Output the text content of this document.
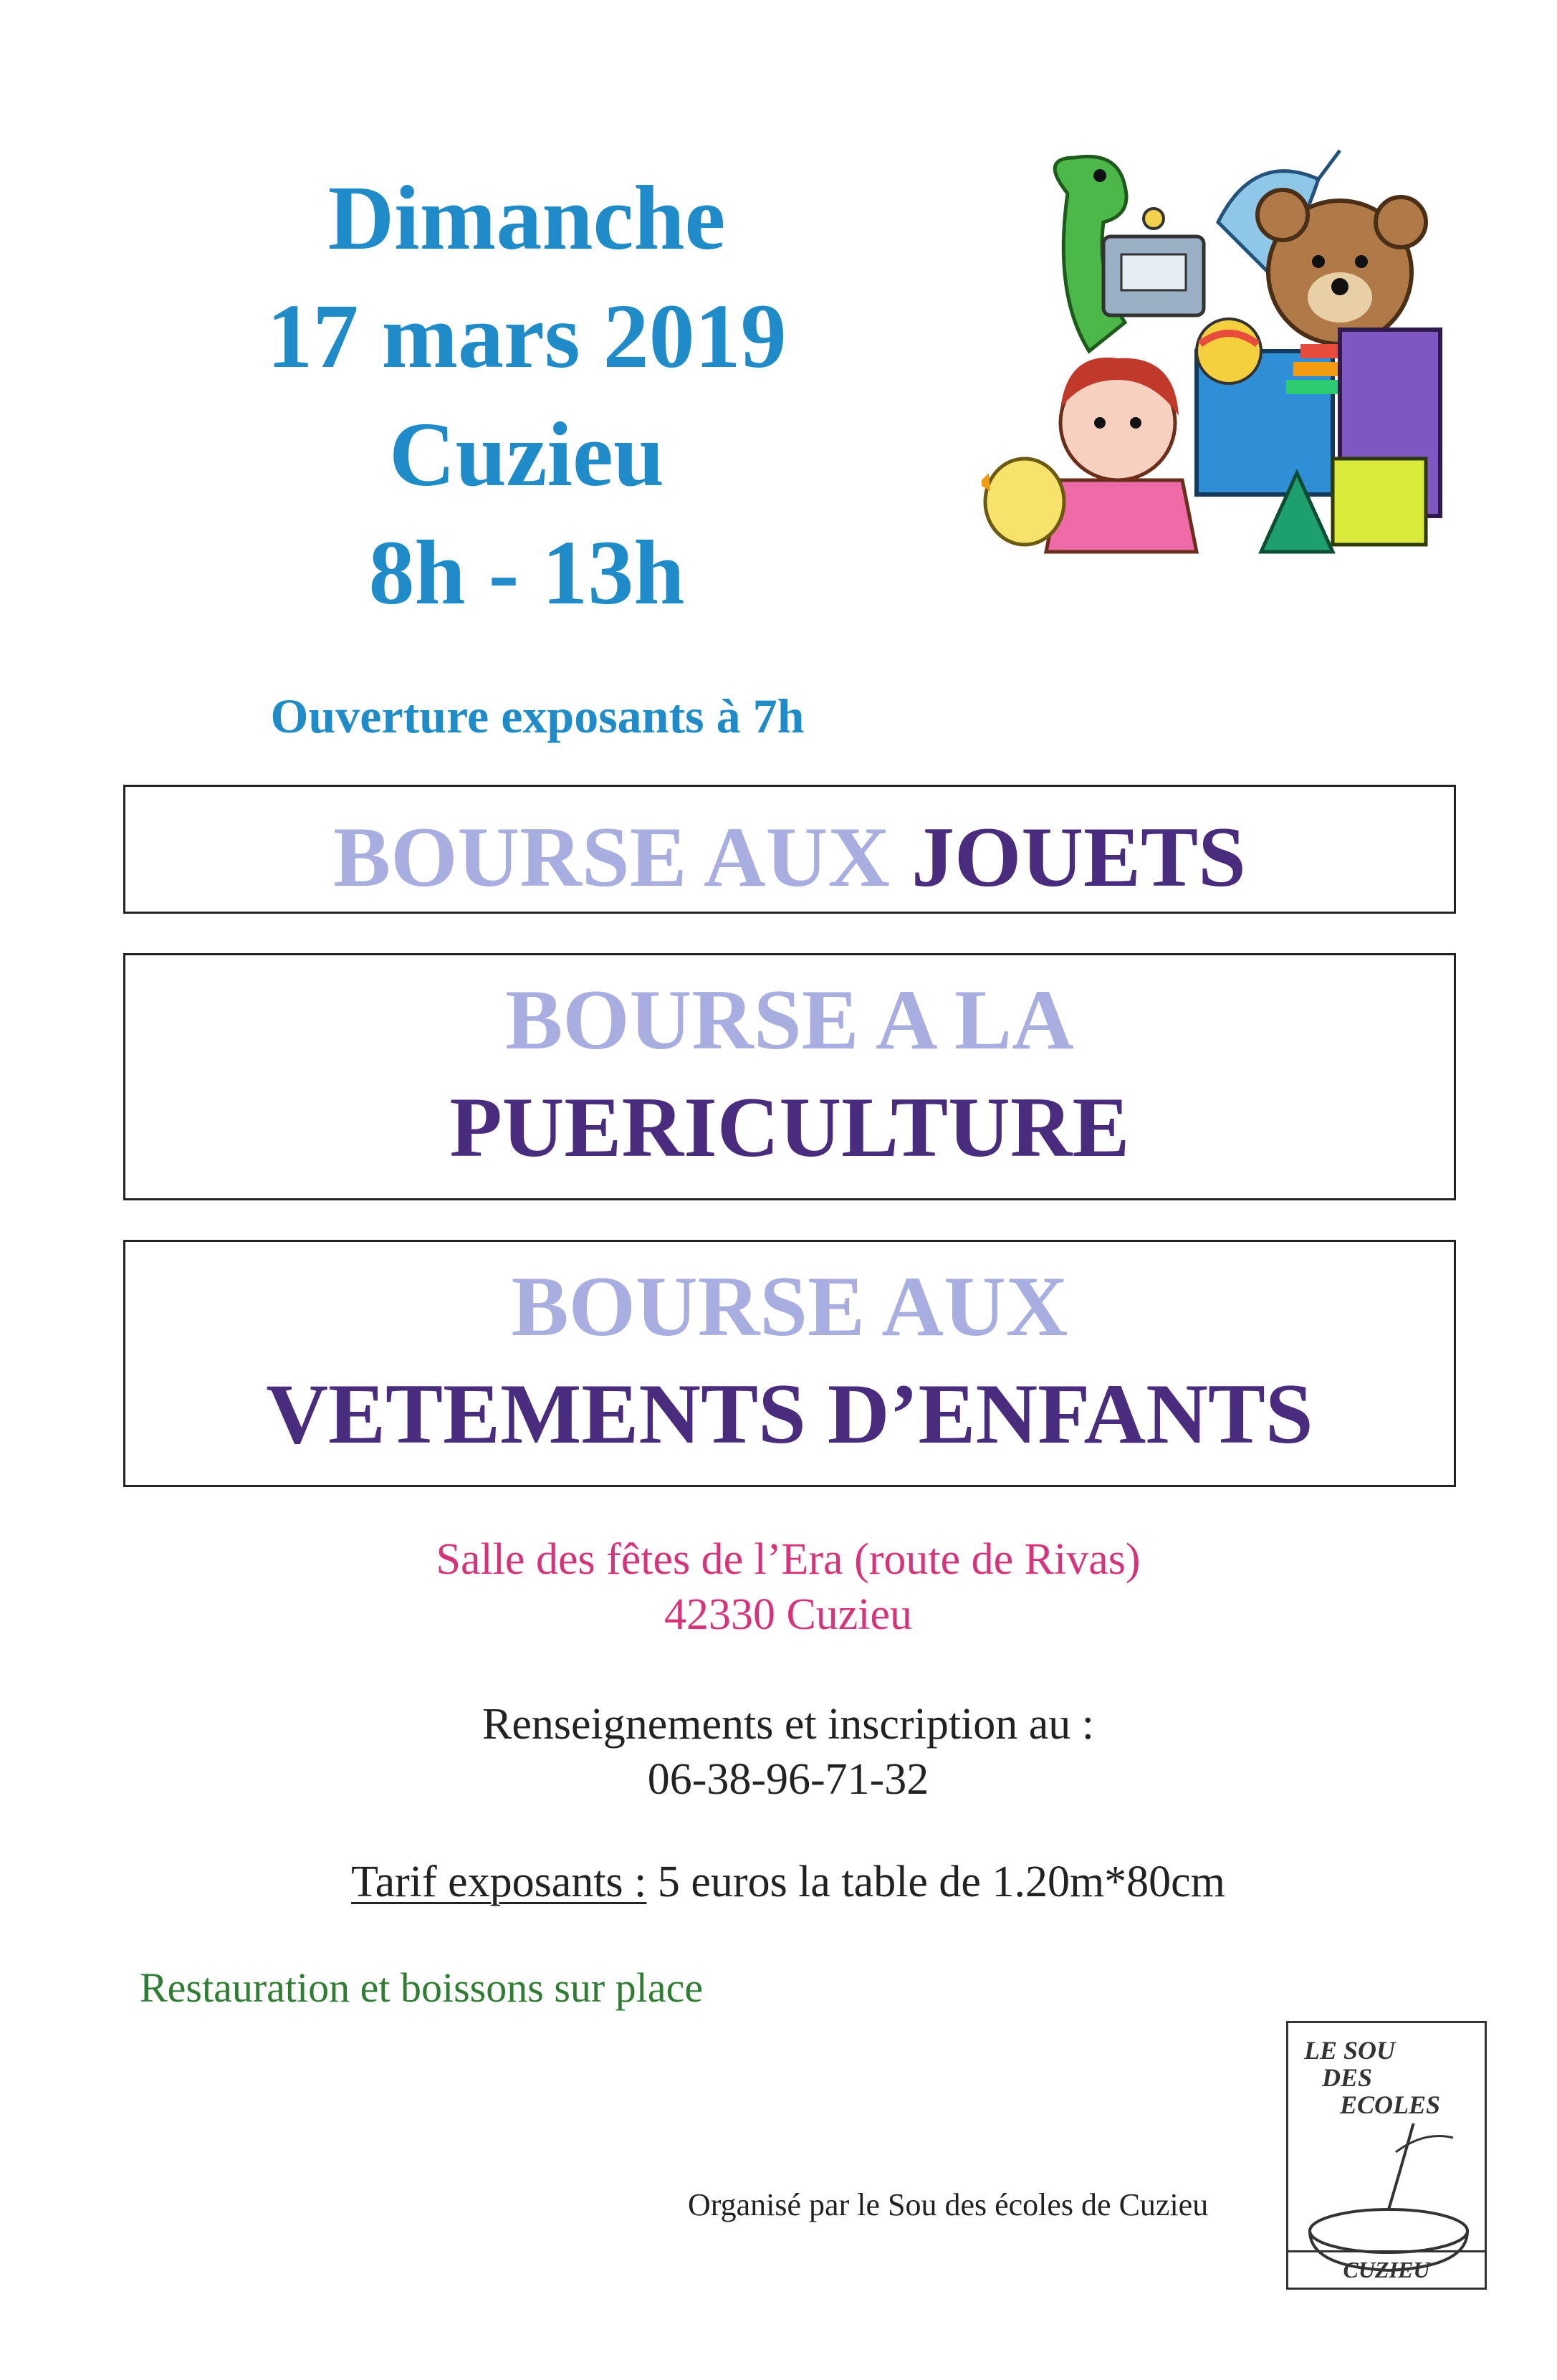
Dimanche
17 mars 2019
Cuzieu
8h - 13h
Ouverture exposants à 7h
BOURSE AUX JOUETS
BOURSE A LA
PUERICULTURE
BOURSE AUX
VETEMENTS D’ENFANTS
Salle des fêtes de l’Era (route de Rivas)
42330 Cuzieu
Renseignements et inscription au :
06-38-96-71-32
Tarif exposants : 5 euros la table de 1.20m*80cm
Restauration et boissons sur place
Organisé par le Sou des écoles de Cuzieu
LE SOU
DES
ECOLES
CUZIEU
